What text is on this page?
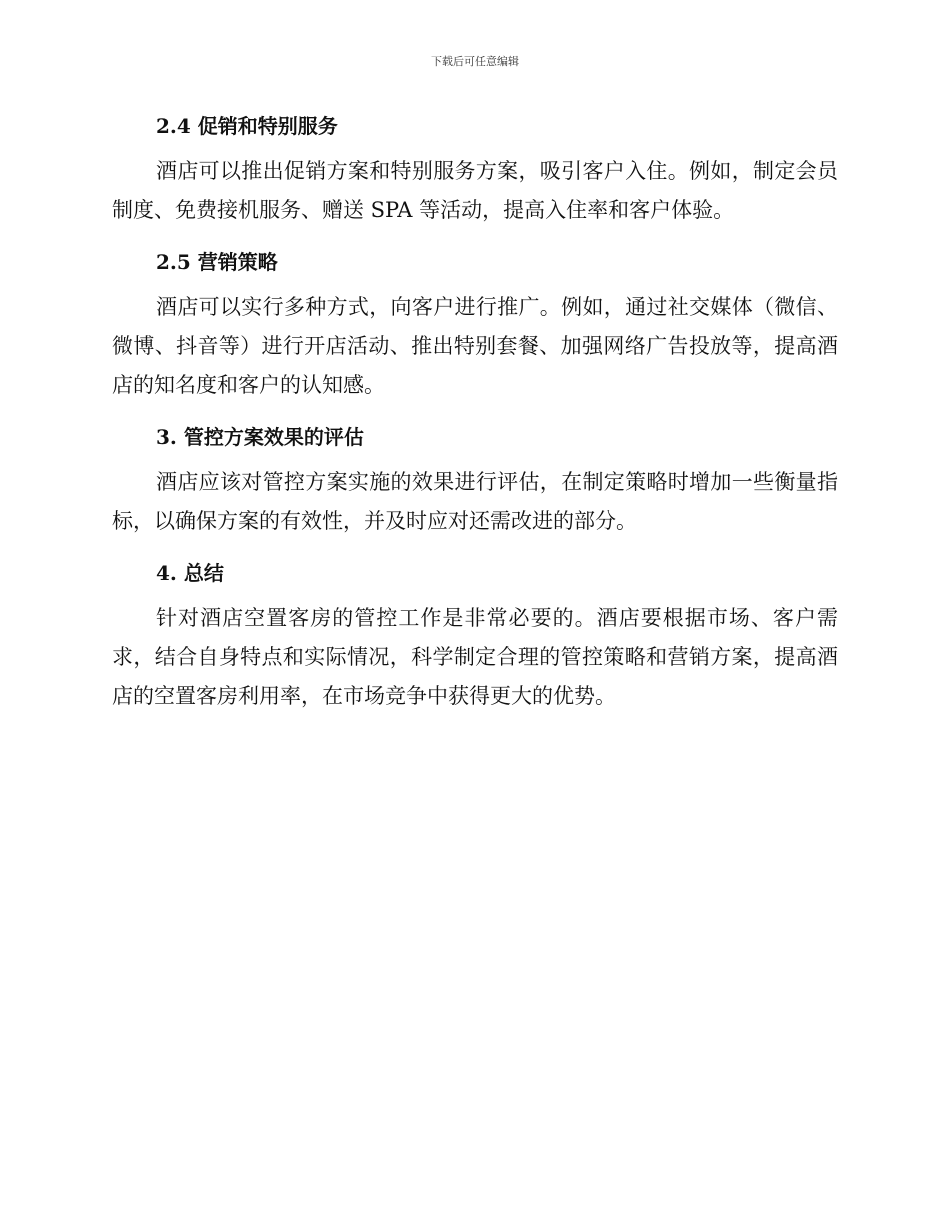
下载后可任意编辑
2.4 促销和特别服务

酒店可以推出促销方案和特别服务方案，吸引客户入住。例如，制定会员制度、免费接机服务、赠送 SPA 等活动，提高入住率和客户体验。

2.5 营销策略

酒店可以实行多种方式，向客户进行推广。例如，通过社交媒体（微信、微博、抖音等）进行开店活动、推出特别套餐、加强网络广告投放等，提高酒店的知名度和客户的认知感。

3. 管控方案效果的评估

酒店应该对管控方案实施的效果进行评估，在制定策略时增加一些衡量指标，以确保方案的有效性，并及时应对还需改进的部分。

4. 总结

针对酒店空置客房的管控工作是非常必要的。酒店要根据市场、客户需求，结合自身特点和实际情况，科学制定合理的管控策略和营销方案，提高酒店的空置客房利用率，在市场竞争中获得更大的优势。
